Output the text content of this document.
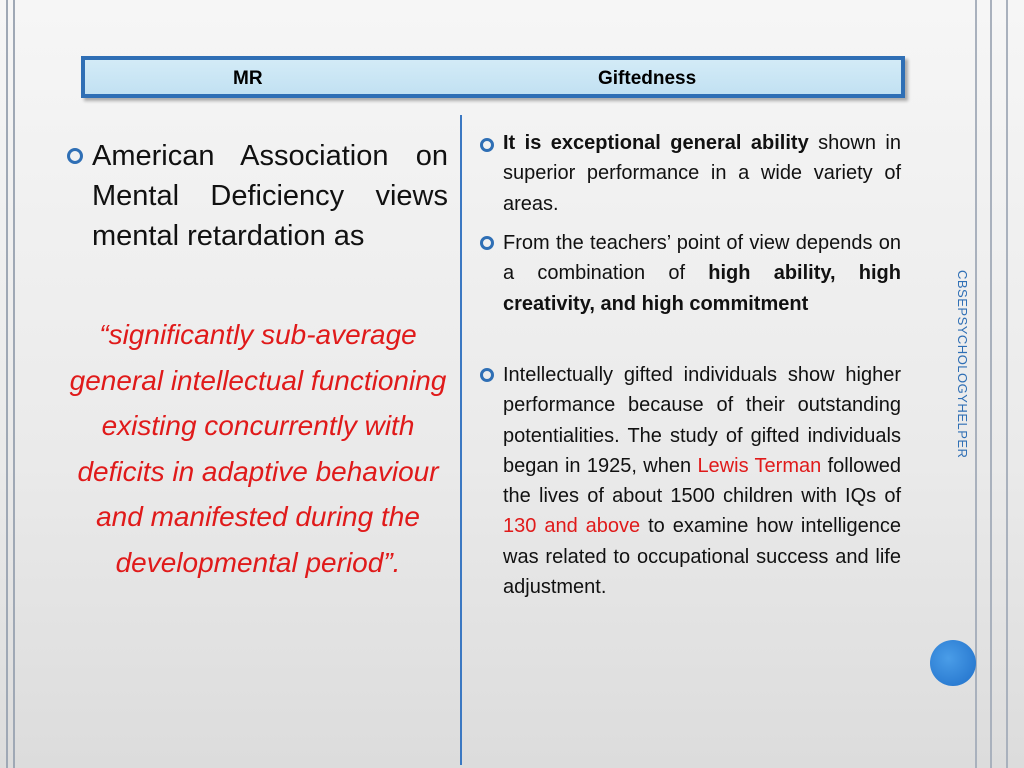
MR	Giftedness
American Association on Mental Deficiency views mental retardation as
“significantly sub-average general intellectual functioning existing concurrently with deficits in adaptive behaviour and manifested during the developmental period”.
It is exceptional general ability shown in superior performance in a wide variety of areas.
From the teachers’ point of view depends on a combination of high ability, high creativity, and high commitment
Intellectually gifted individuals show higher performance because of their outstanding potentialities. The study of gifted individuals began in 1925, when Lewis Terman followed the lives of about 1500 children with IQs of 130 and above to examine how intelligence was related to occupational success and life adjustment.
CBSEPSYCHOLOGYHELPER
